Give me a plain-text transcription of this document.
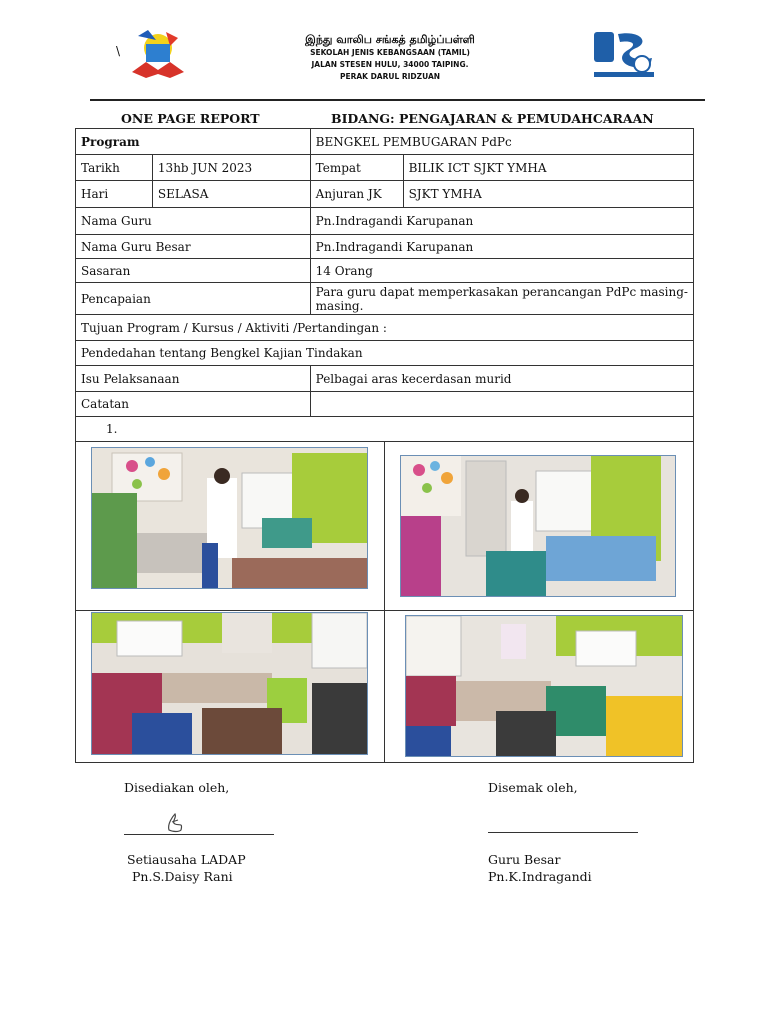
\
இந்து வாலிப சங்கத் தமிழ்ப்பள்ளி
SEKOLAH JENIS KEBANGSAAN (TAMIL)
JALAN STESEN HULU, 34000 TAIPING.
PERAK DARUL RIDZUAN
ONE PAGE REPORT	BIDANG: PENGAJARAN & PEMUDAHCARAAN
Program		BENGKEL PEMBUGARAN PdPc	
Tarikh	13hb JUN 2023	Tempat	BILIK ICT SJKT YMHA
Hari	SELASA	Anjuran JK	SJKT YMHA
Nama Guru		Pn.Indragandi Karupanan	
Nama Guru Besar		Pn.Indragandi Karupanan	
Sasaran		14 Orang	
Pencapaian		Para guru dapat memperkasakan perancangan PdPc masing-masing.	
Tujuan Program / Kursus / Aktiviti /Pertandingan :			
Pendedahan tentang Bengkel Kajian Tindakan			
Isu Pelaksanaan		Pelbagai aras kecerdasan murid	
Catatan			
1.			
Disediakan oleh,	Disemak oleh,
Setiausaha LADAP
Pn.S.Daisy Rani
Guru Besar
Pn.K.Indragandi
